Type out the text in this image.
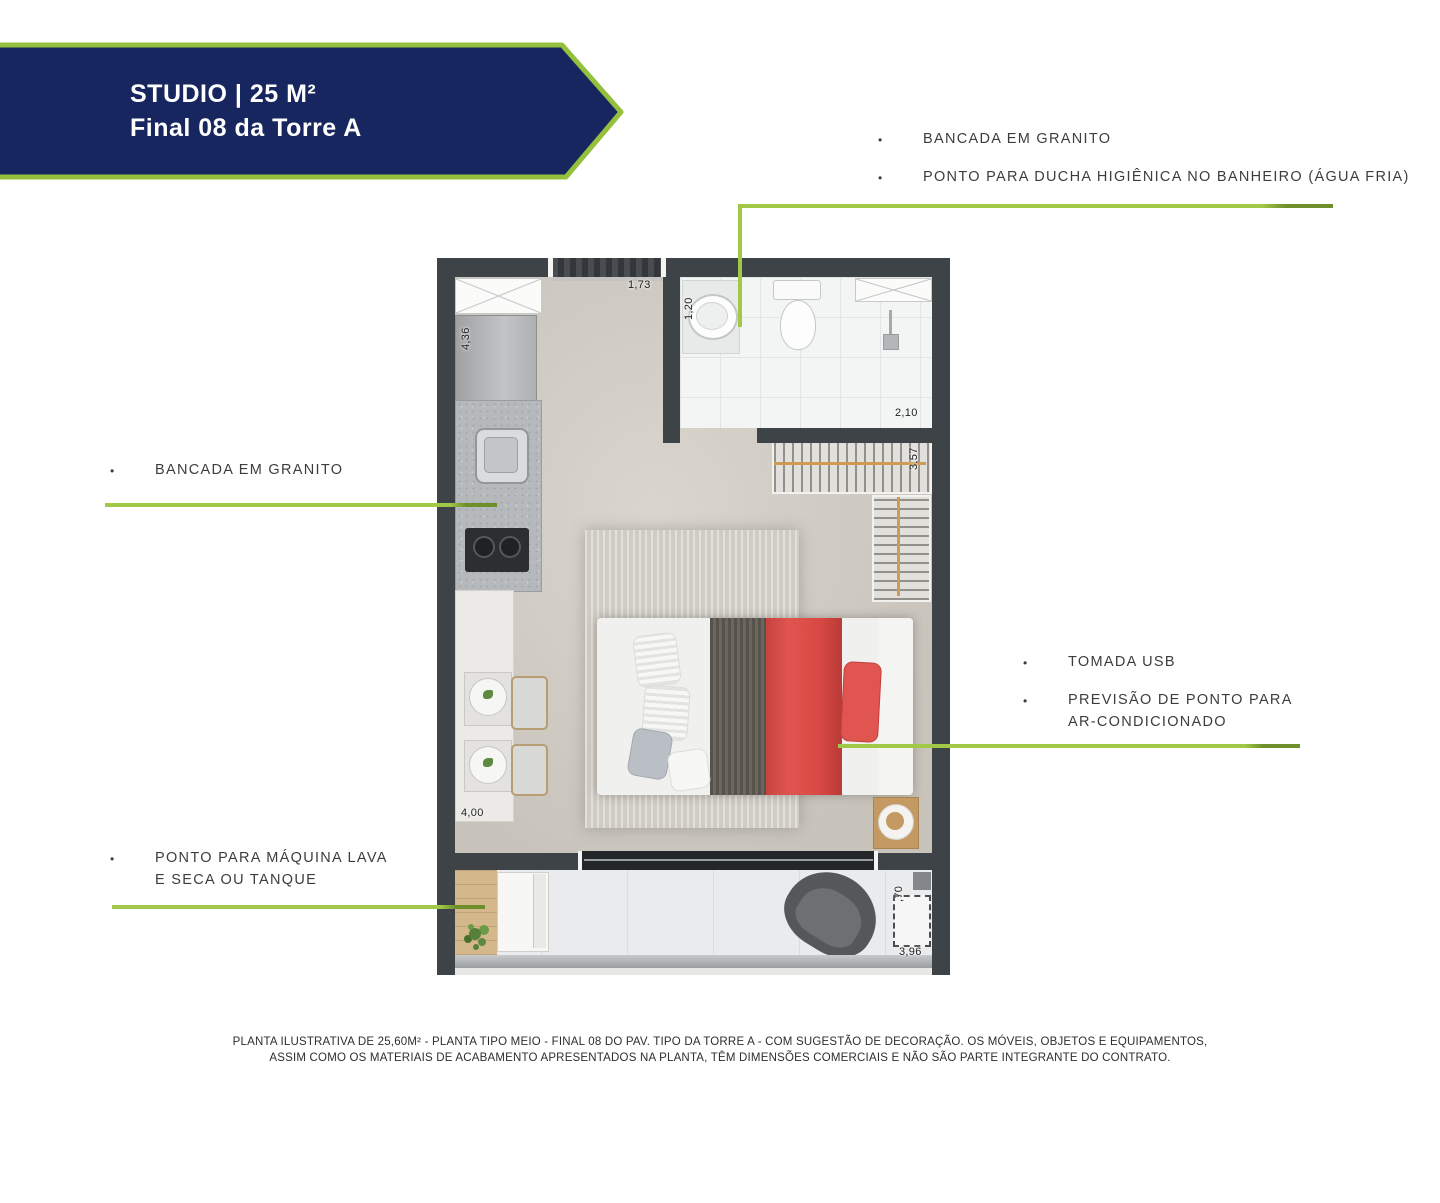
STUDIO | 25 M²
Final 08 da Torre A	•	BANCADA EM GRANITO
•	PONTO PARA DUCHA HIGIÊNICA NO BANHEIRO (ÁGUA FRIA)
•	BANCADA EM GRANITO
•	TOMADA USB
•	PREVISÃO DE PONTO PARA
AR-CONDICIONADO
•	PONTO PARA MÁQUINA LAVA
E SECA OU TANQUE
1,73
1,20
4,36
2,10
3,57
4,00
,70
3,96
PLANTA ILUSTRATIVA DE 25,60M² - PLANTA TIPO MEIO - FINAL 08 DO PAV. TIPO DA TORRE A - COM SUGESTÃO DE DECORAÇÃO. OS MÓVEIS, OBJETOS E EQUIPAMENTOS,
ASSIM COMO OS MATERIAIS DE ACABAMENTO APRESENTADOS NA PLANTA, TÊM DIMENSÕES COMERCIAIS E NÃO SÃO PARTE INTEGRANTE DO CONTRATO.
